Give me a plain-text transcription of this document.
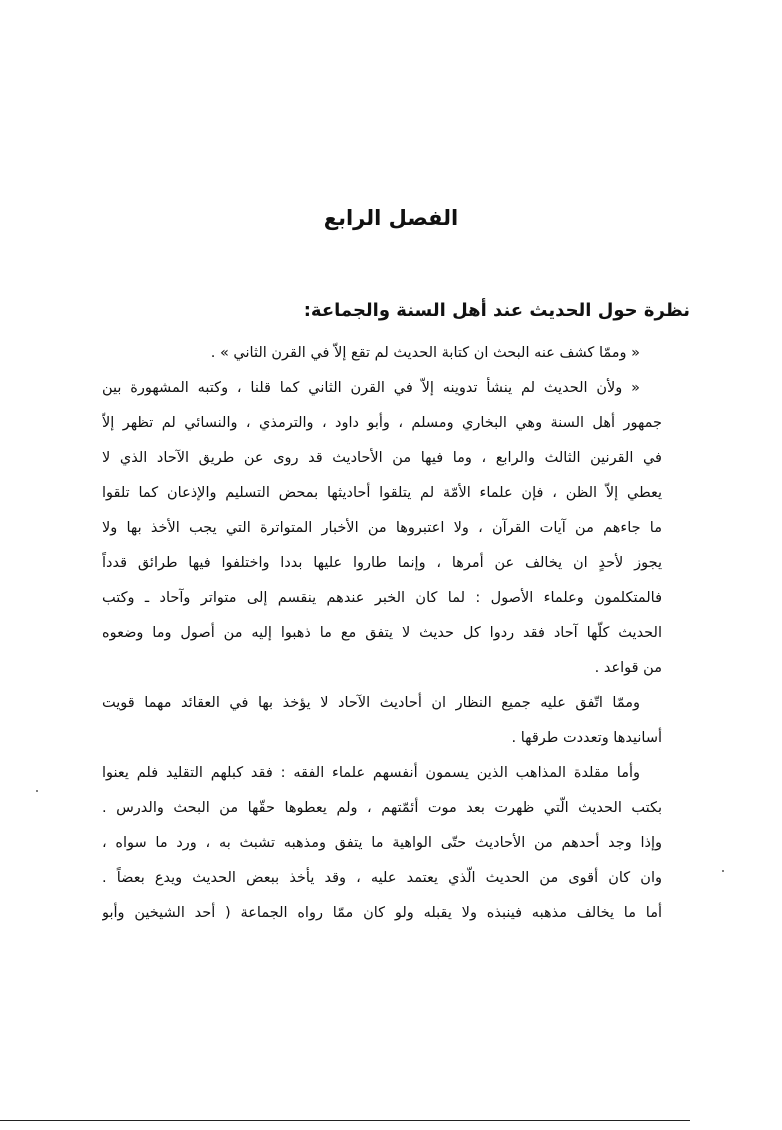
الفصل الرابع
نظرة حول الحديث عند أهل السنة والجماعة:
« وممّا كشف عنه البحث ان كتابة الحديث لم تقع إلاّ في القرن الثاني » .
« ولأن الحديث لم ينشأ تدوينه إلاّ في القرن الثاني كما قلنا ، وكتبه المشهورة بين
جمهور أهل السنة وهي البخاري ومسلم ، وأبو داود ، والترمذي ، والنسائي لم تظهر إلاّ
في القرنين الثالث والرابع ، وما فيها من الأحاديث قد روى عن طريق الآحاد الذي لا
يعطي إلاّ الظن ، فإن علماء الأمّة لم يتلقوا أحاديثها بمحض التسليم والإذعان كما تلقوا
ما جاءهم من آيات القرآن ، ولا اعتبروها من الأخبار المتواترة التي يجب الأخذ بها ولا
يجوز لأحدٍ ان يخالف عن أمرها ، وإنما طاروا عليها بددا واختلفوا فيها طرائق قدداً
فالمتكلمون وعلماء الأصول : لما كان الخبر عندهم ينقسم إلى متواتر وآحاد ـ وكتب
الحديث كلّها آحاد فقد ردوا كل حديث لا يتفق مع ما ذهبوا إليه من أصول وما وضعوه
من قواعد .
وممّا اتّفق عليه جميع النظار ان أحاديث الآحاد لا يؤخذ بها في العقائد مهما قويت
أسانيدها وتعددت طرقها .
وأما مقلدة المذاهب الذين يسمون أنفسهم علماء الفقه : فقد كبلهم التقليد فلم يعنوا
بكتب الحديث الّتي ظهرت بعد موت أئمّتهم ، ولم يعطوها حقّها من البحث والدرس .
وإذا وجد أحدهم من الأحاديث حتّى الواهية ما يتفق ومذهبه تشبث به ، ورد ما سواه ،
وان كان أقوى من الحديث الّذي يعتمد عليه ، وقد يأخذ ببعض الحديث ويدع بعضاً .
أما ما يخالف مذهبه فينبذه ولا يقبله ولو كان ممّا رواه الجماعة ( أحد الشيخين وأبو
